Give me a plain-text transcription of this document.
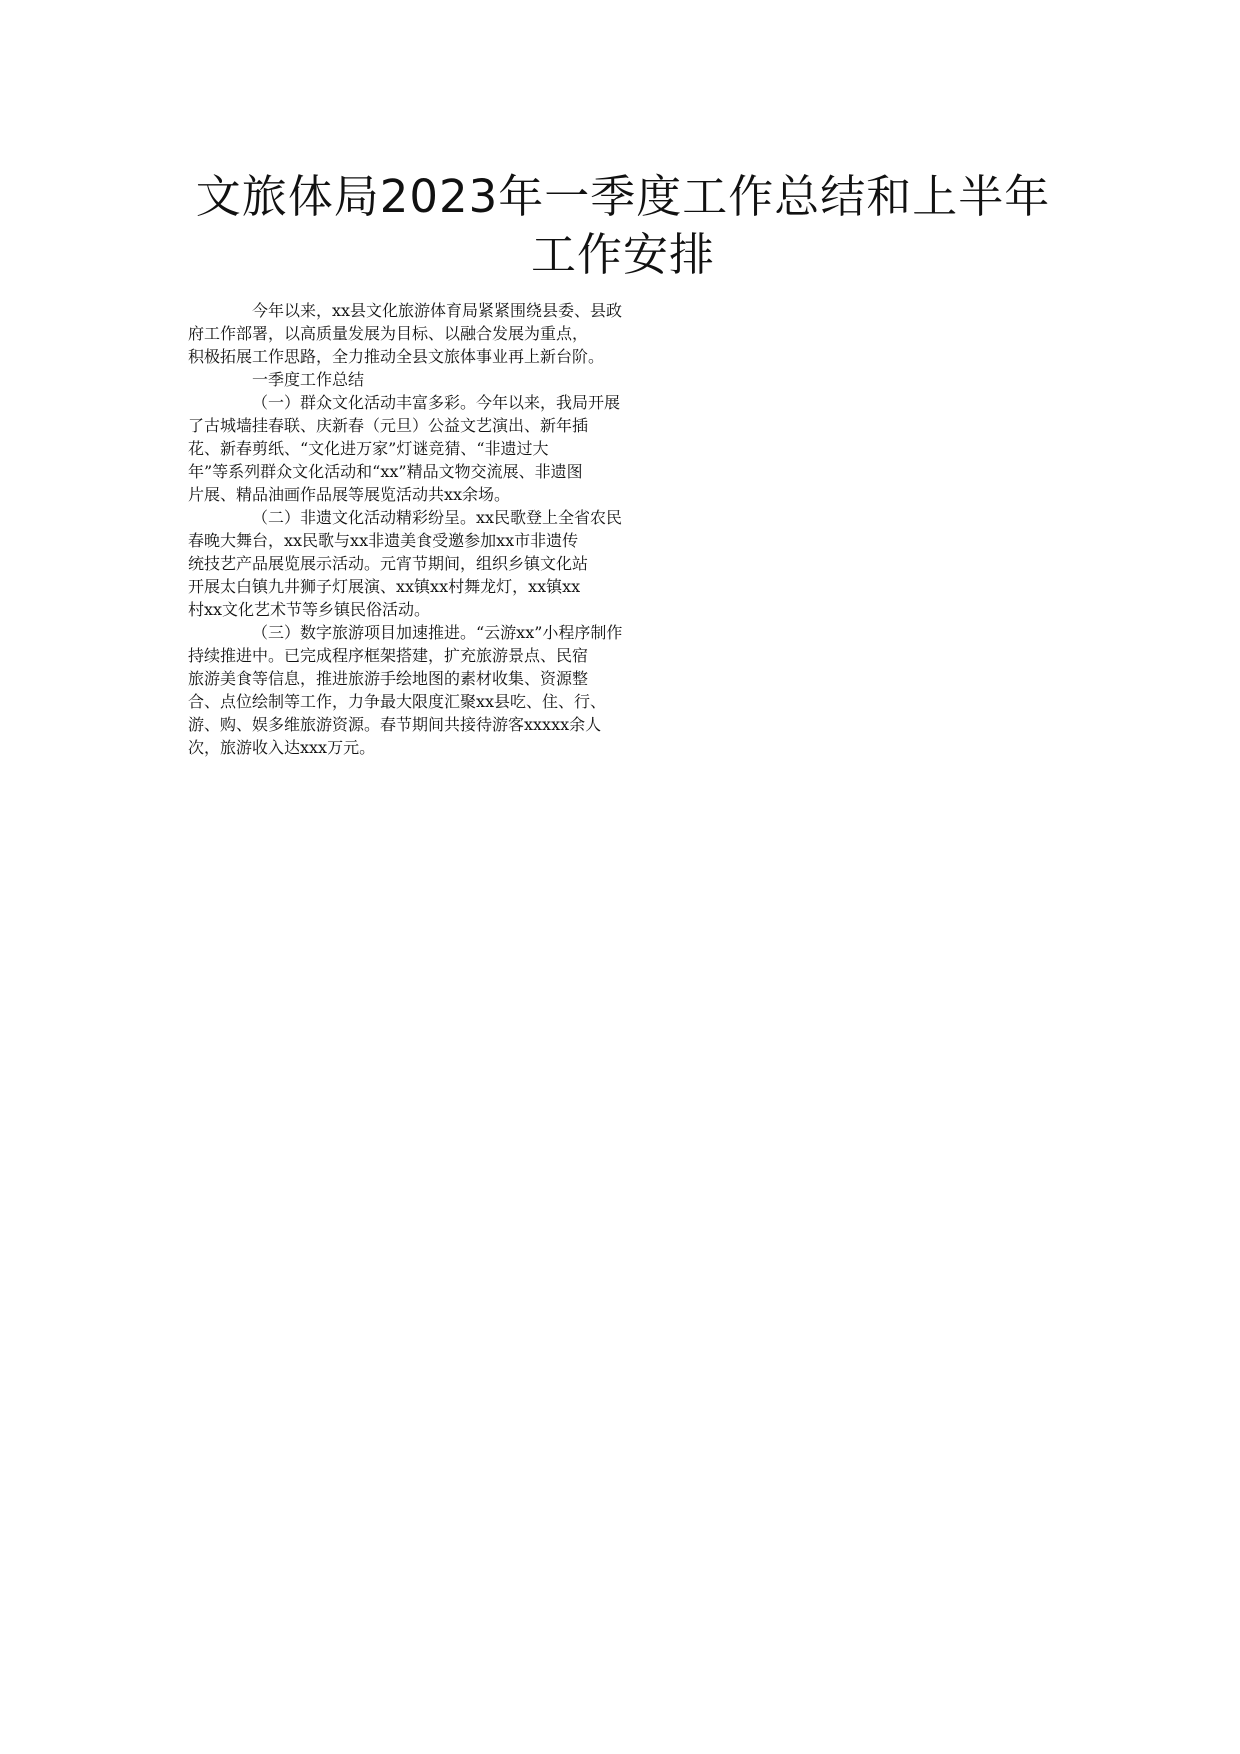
文旅体局2023年一季度工作总结和上半年
工作安排
今年以来，xx县文化旅游体育局紧紧围绕县委、县政
府工作部署，以高质量发展为目标、以融合发展为重点，
积极拓展工作思路，全力推动全县文旅体事业再上新台阶。
一季度工作总结
（一）群众文化活动丰富多彩。今年以来，我局开展
了古城墙挂春联、庆新春（元旦）公益文艺演出、新年插
花、新春剪纸、“文化进万家”灯谜竞猜、“非遗过大
年”等系列群众文化活动和“xx”精品文物交流展、非遗图
片展、精品油画作品展等展览活动共xx余场。
（二）非遗文化活动精彩纷呈。xx民歌登上全省农民
春晚大舞台，xx民歌与xx非遗美食受邀参加xx市非遗传
统技艺产品展览展示活动。元宵节期间，组织乡镇文化站
开展太白镇九井狮子灯展演、xx镇xx村舞龙灯，xx镇xx
村xx文化艺术节等乡镇民俗活动。
（三）数字旅游项目加速推进。“云游xx”小程序制作
持续推进中。已完成程序框架搭建，扩充旅游景点、民宿
旅游美食等信息，推进旅游手绘地图的素材收集、资源整
合、点位绘制等工作，力争最大限度汇聚xx县吃、住、行、
游、购、娱多维旅游资源。春节期间共接待游客xxxxx余人
次，旅游收入达xxx万元。
